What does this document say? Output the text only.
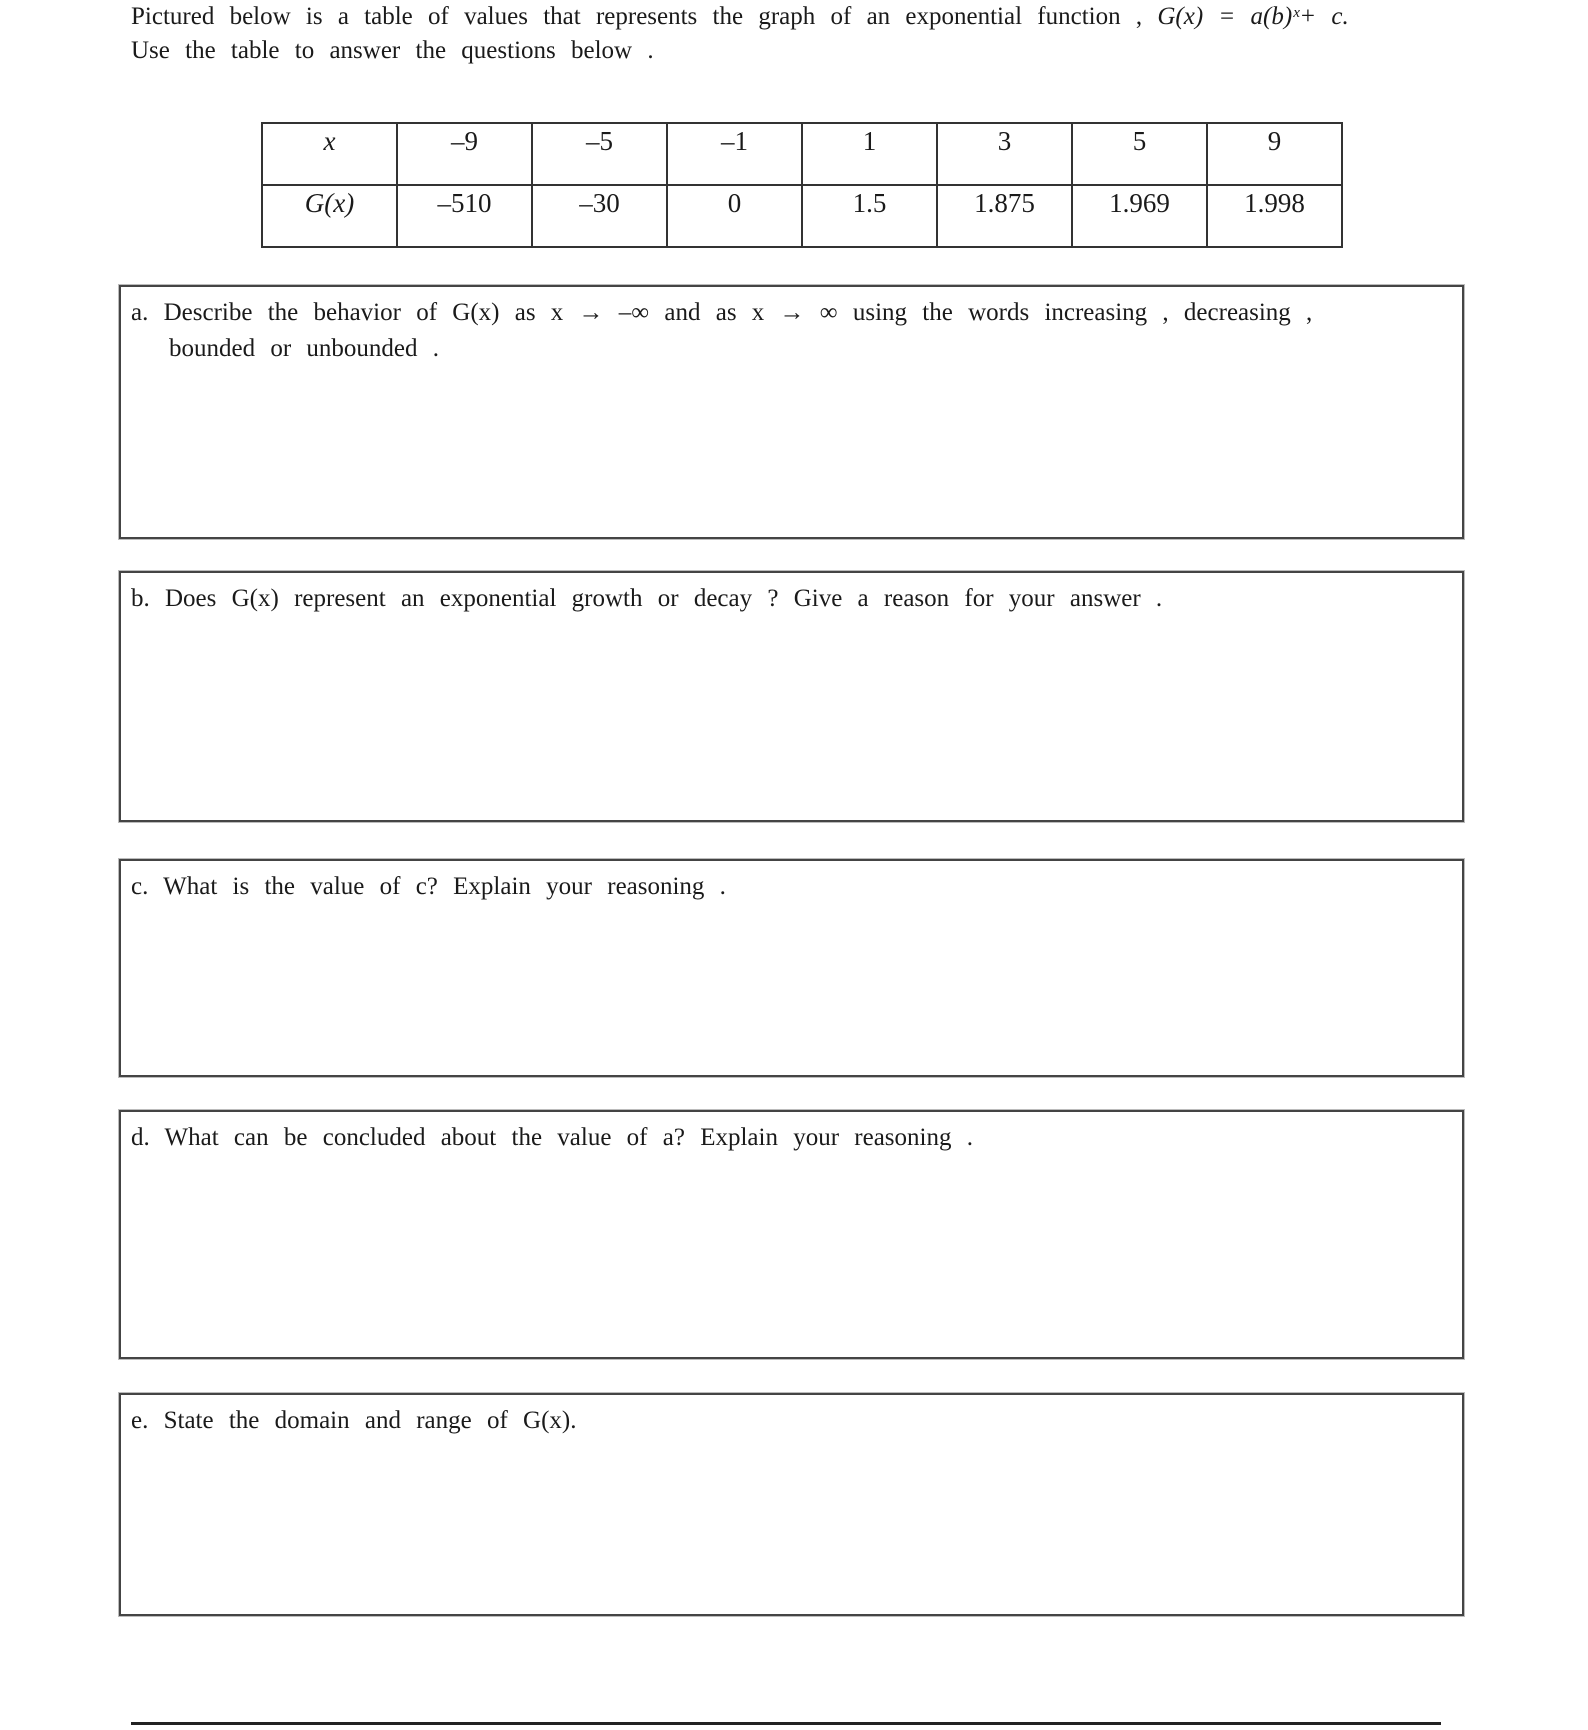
Pictured below is a table of values that represents the graph of an exponential function , G(x) = a(b)ˣ+ c.
Use the table to answer the questions below .
x	–9	–5	–1	1	3	5	9
G(x)	–510	–30	0	1.5	1.875	1.969	1.998
a. Describe the behavior of G(x) as x → –∞ and as x → ∞ using the words increasing , decreasing ,
bounded or unbounded .
b. Does G(x) represent an exponential growth or decay ? Give a reason for your answer .
c. What is the value of c? Explain your reasoning .
d. What can be concluded about the value of a? Explain your reasoning .
e. State the domain and range of G(x).
